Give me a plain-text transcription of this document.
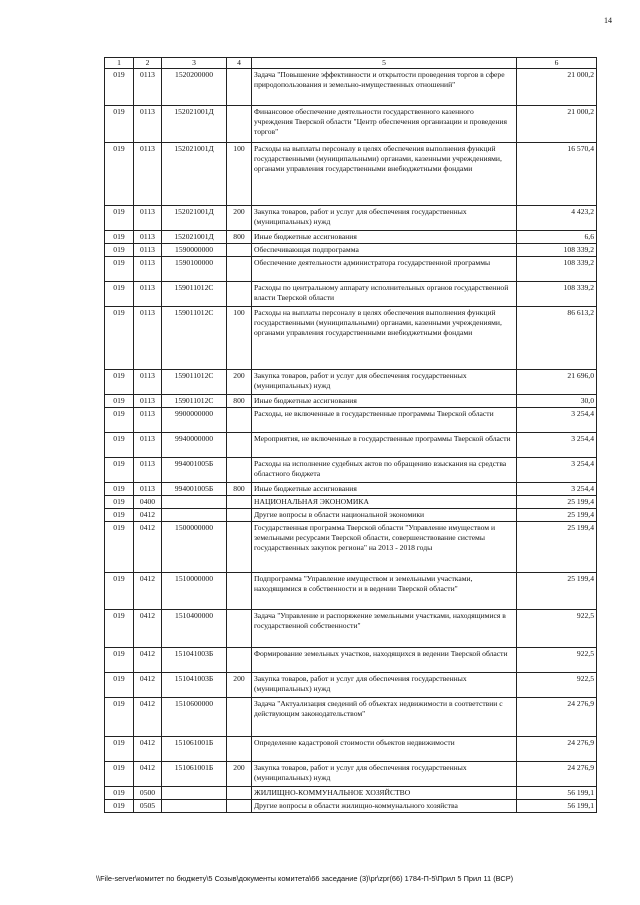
14
1	2	3	4	5	6
019	0113	1520200000		Задача "Повышение эффективности и открытости проведения торгов в сфере природопользования и земельно-имущественных отношений"	21 000,2
019	0113	152021001Д		Финансовое обеспечение деятельности государственного казенного учреждения Тверской области "Центр обеспечения организации и проведения торгов"	21 000,2
019	0113	152021001Д	100	Расходы на выплаты персоналу в целях обеспечения выполнения функций государственными (муниципальными) органами, казенными учреждениями, органами управления государственными внебюджетными фондами	16 570,4
019	0113	152021001Д	200	Закупка товаров, работ и услуг для обеспечения государственных (муниципальных) нужд	4 423,2
019	0113	152021001Д	800	Иные бюджетные ассигнования	6,6
019	0113	1590000000		Обеспечивающая подпрограмма	108 339,2
019	0113	1590100000		Обеспечение деятельности администратора государственной программы	108 339,2
019	0113	159011012С		Расходы по центральному аппарату исполнительных органов государственной власти Тверской области	108 339,2
019	0113	159011012С	100	Расходы на выплаты персоналу в целях обеспечения выполнения функций государственными (муниципальными) органами, казенными учреждениями, органами управления государственными внебюджетными фондами	86 613,2
019	0113	159011012С	200	Закупка товаров, работ и услуг для обеспечения государственных (муниципальных) нужд	21 696,0
019	0113	159011012С	800	Иные бюджетные ассигнования	30,0
019	0113	9900000000		Расходы, не включенные в государственные программы Тверской области	3 254,4
019	0113	9940000000		Мероприятия, не включенные в государственные программы Тверской области	3 254,4
019	0113	994001005Б		Расходы на исполнение судебных актов по обращению взыскания на средства областного бюджета	3 254,4
019	0113	994001005Б	800	Иные бюджетные ассигнования	3 254,4
019	0400			НАЦИОНАЛЬНАЯ ЭКОНОМИКА	25 199,4
019	0412			Другие вопросы в области национальной экономики	25 199,4
019	0412	1500000000		Государственная программа Тверской области "Управление имуществом и земельными ресурсами Тверской области, совершенствование системы государственных закупок региона" на 2013 - 2018 годы	25 199,4
019	0412	1510000000		Подпрограмма "Управление имуществом и земельными участками, находящимися в собственности и в ведении Тверской области"	25 199,4
019	0412	1510400000		Задача "Управление и распоряжение земельными участками, находящимися в государственной собственности"	922,5
019	0412	151041003Б		Формирование земельных участков, находящихся в ведении Тверской области	922,5
019	0412	151041003Б	200	Закупка товаров, работ и услуг для обеспечения государственных (муниципальных) нужд	922,5
019	0412	1510600000		Задача "Актуализация сведений об объектах недвижимости в соответствии с действующим законодательством"	24 276,9
019	0412	151061001Б		Определение кадастровой стоимости объектов недвижимости	24 276,9
019	0412	151061001Б	200	Закупка товаров, работ и услуг для обеспечения государственных (муниципальных) нужд	24 276,9
019	0500			ЖИЛИЩНО-КОММУНАЛЬНОЕ ХОЗЯЙСТВО	56 199,1
019	0505			Другие вопросы в области жилищно-коммунального хозяйства	56 199,1
\\File-server\комитет по бюджету\5 Созыв\документы комитета\66 заседание (3)\pr\zpr(66) 1784-П-5\Прил 5 Прил 11 (ВСР)
